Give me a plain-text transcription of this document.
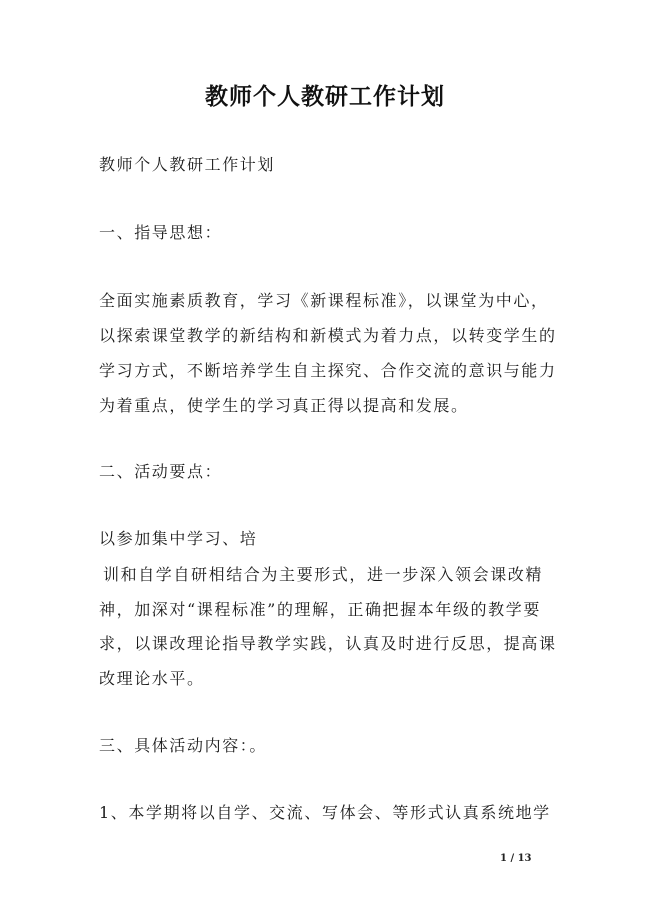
教师个人教研工作计划
教师个人教研工作计划
一、指导思想：
全面实施素质教育，学习《新课程标准》，以课堂为中心，
以探索课堂教学的新结构和新模式为着力点，以转变学生的
学习方式，不断培养学生自主探究、合作交流的意识与能力
为着重点，使学生的学习真正得以提高和发展。
二、活动要点：
以参加集中学习、培
训和自学自研相结合为主要形式，进一步深入领会课改精
神，加深对“课程标准”的理解，正确把握本年级的教学要
求，以课改理论指导教学实践，认真及时进行反思，提高课
改理论水平。
三、具体活动内容：。
1、本学期将以自学、交流、写体会、等形式认真系统地学
1 / 13
